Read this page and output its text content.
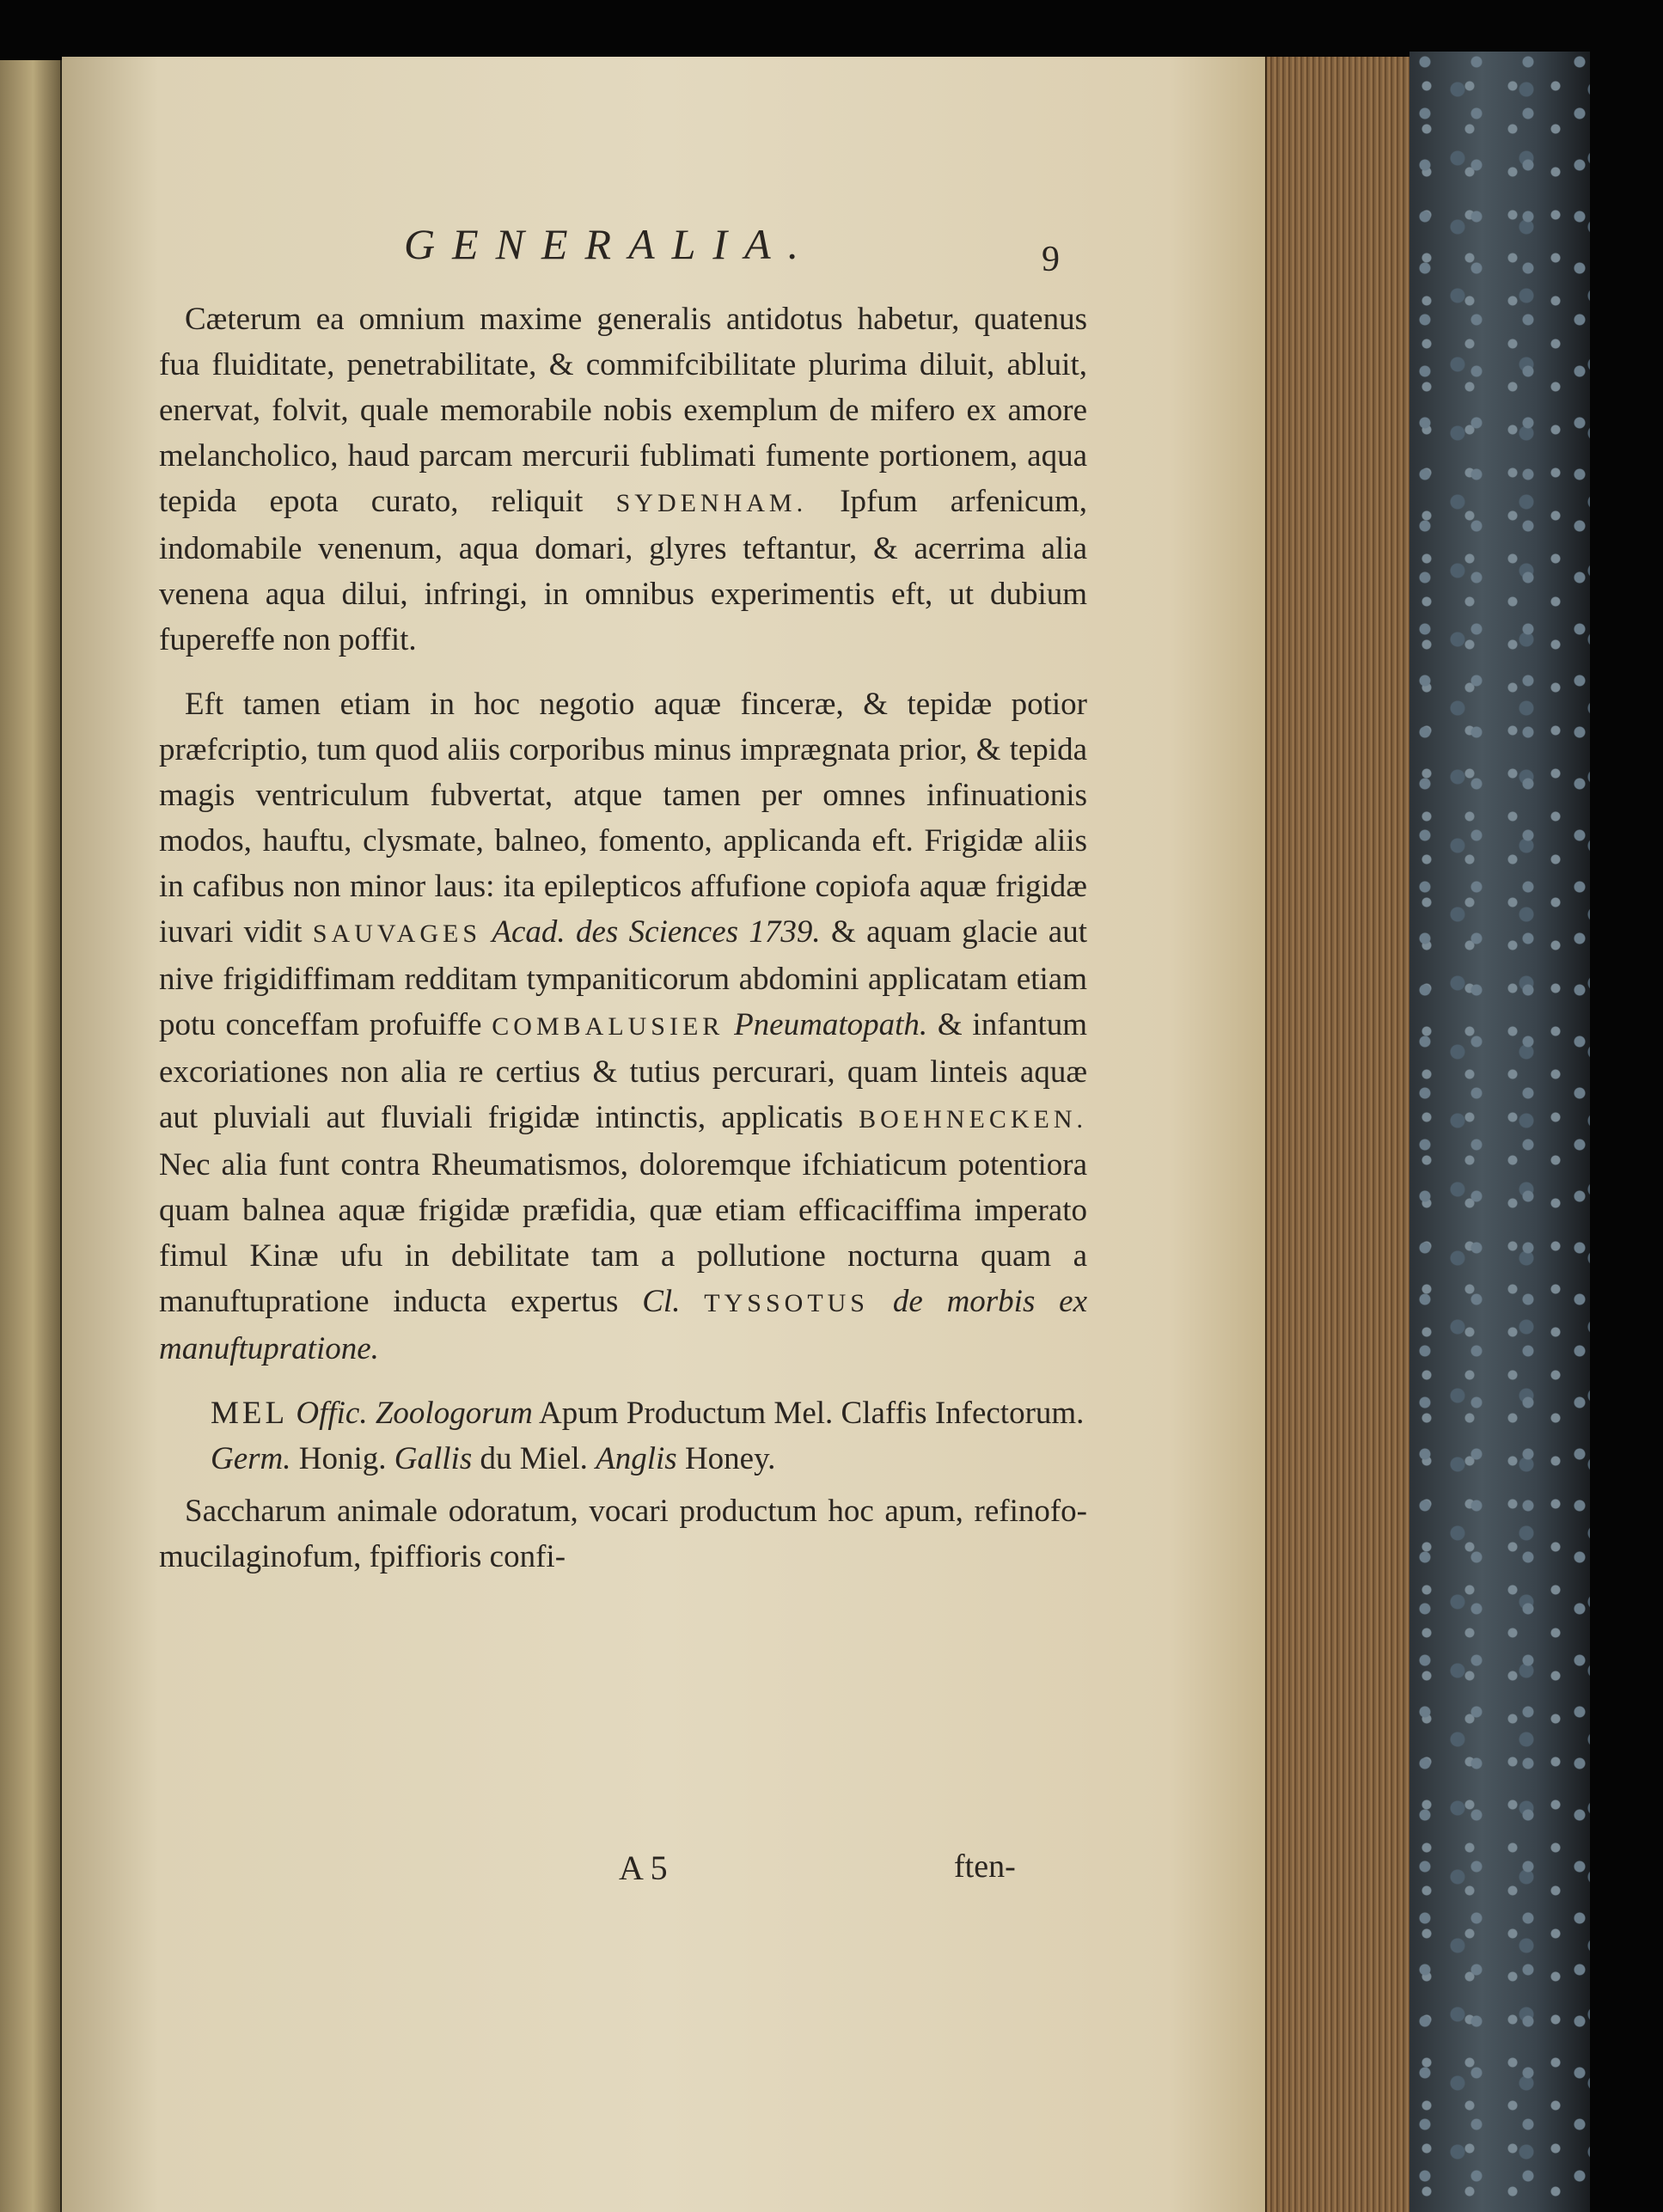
GENERALIA.	9

Cæterum ea omnium maxime generalis antidotus habetur, quatenus fua fluiditate, penetrabilitate, & commifcibilitate plurima diluit, abluit, enervat, folvit, quale memorabile nobis exemplum de mifero ex amore melancholico, haud parcam mercurii fublimati fumente portionem, aqua tepida epota curato, reliquit SYDENHAM. Ipfum arfenicum, indomabile venenum, aqua domari, glyres teftantur, & acerrima alia venena aqua dilui, infringi, in omnibus experimentis eft, ut dubium fupereffe non poffit.

Eft tamen etiam in hoc negotio aquæ finceræ, & tepidæ potior præfcriptio, tum quod aliis corporibus minus imprægnata prior, & tepida magis ventriculum fubvertat, atque tamen per omnes infinuationis modos, hauftu, clysmate, balneo, fomento, applicanda eft. Frigidæ aliis in cafibus non minor laus: ita epilepticos affufione copiofa aquæ frigidæ iuvari vidit SAUVAGES Acad. des Sciences 1739. & aquam glacie aut nive frigidiffimam redditam tympaniticorum abdomini applicatam etiam potu conceffam profuiffe COMBALUSIER Pneumatopath. & infantum excoriationes non alia re certius & tutius percurari, quam linteis aquæ aut pluviali aut fluviali frigidæ intinctis, applicatis BOEHNECKEN. Nec alia funt contra Rheumatismos, doloremque ifchiaticum potentiora quam balnea aquæ frigidæ præfidia, quæ etiam efficaciffima imperato fimul Kinæ ufu in debilitate tam a pollutione nocturna quam a manuftupratione inducta expertus Cl. TYSSOTUS de morbis ex manuftupratione.

MEL Offic. Zoologorum Apum Productum Mel. Claffis Infectorum. Germ. Honig. Gallis du Miel. Anglis Honey.

Saccharum animale odoratum, vocari productum hoc apum, refinofo-mucilaginofum, fpiffioris confi-

A 5	ften-
